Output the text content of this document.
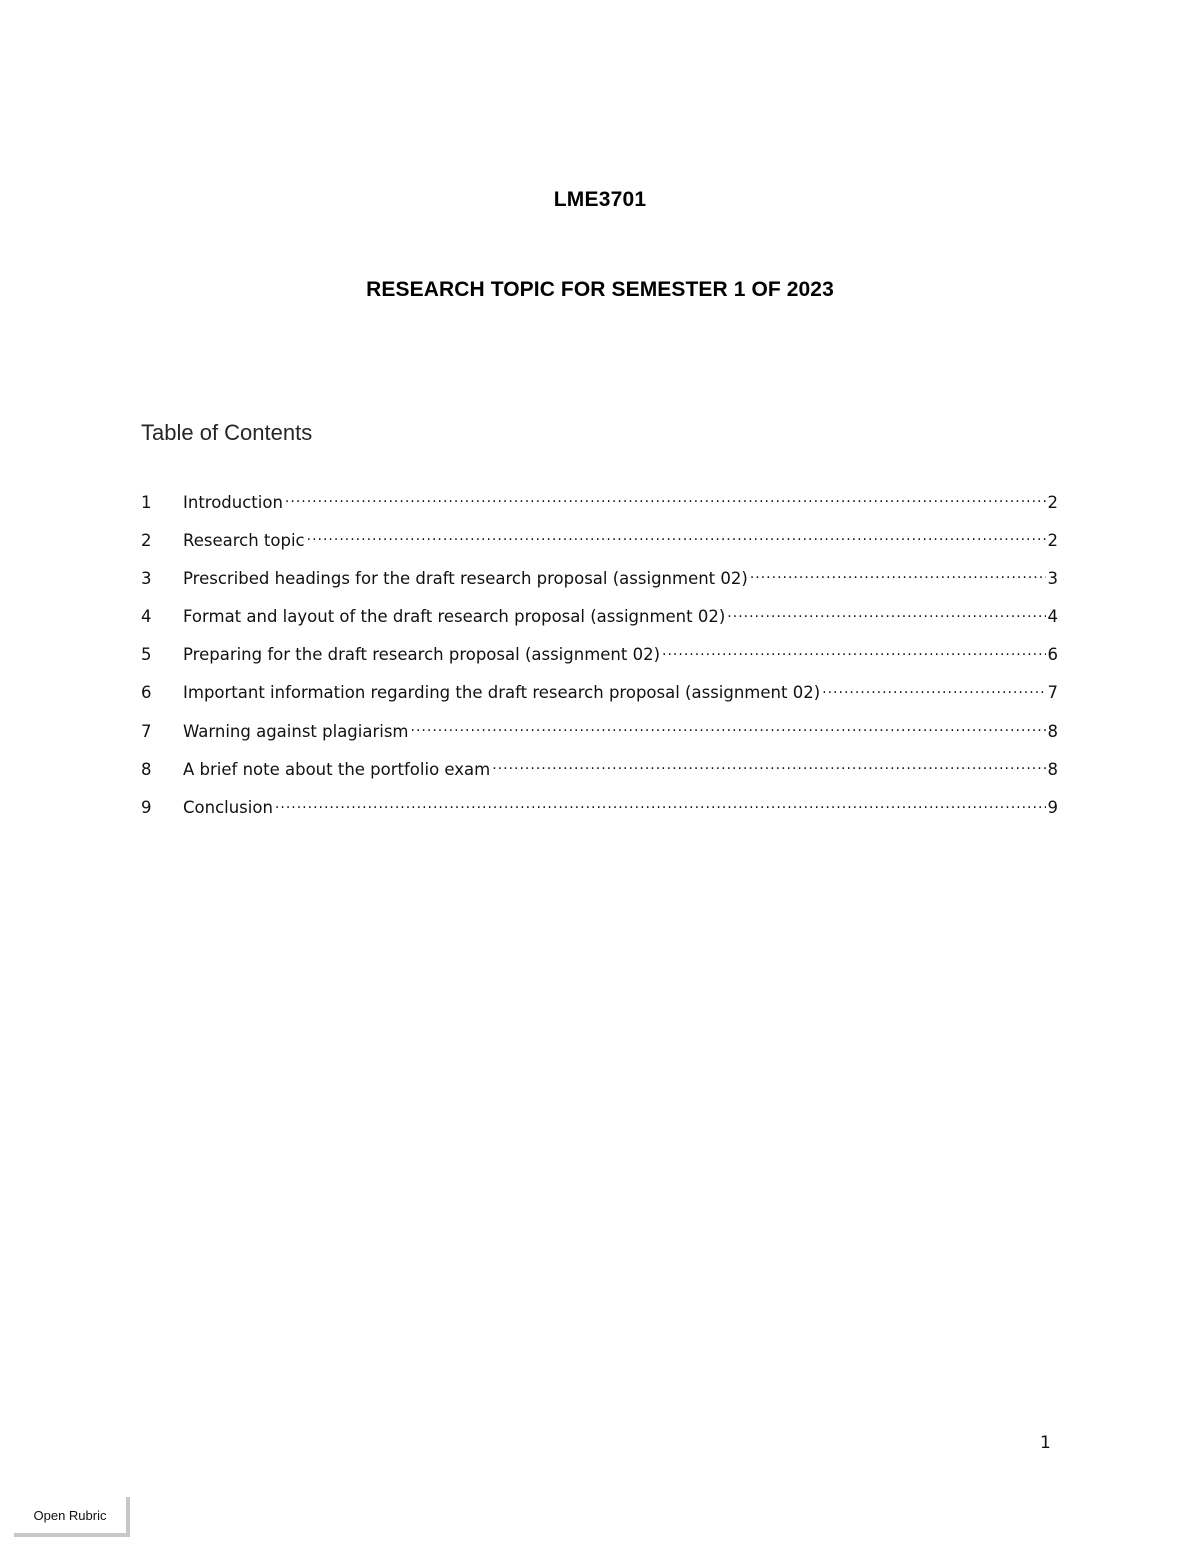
LME3701
RESEARCH TOPIC FOR SEMESTER 1 OF 2023
Table of Contents
1	Introduction .....	2
2	Research topic .....	2
3	Prescribed headings for the draft research proposal (assignment 02) .....	3
4	Format and layout of the draft research proposal (assignment 02) .....	4
5	Preparing for the draft research proposal (assignment 02) .....	6
6	Important information regarding the draft research proposal (assignment 02) .....	7
7	Warning against plagiarism .....	8
8	A brief note about the portfolio exam .....	8
9	Conclusion .....	9
1
Open Rubric
